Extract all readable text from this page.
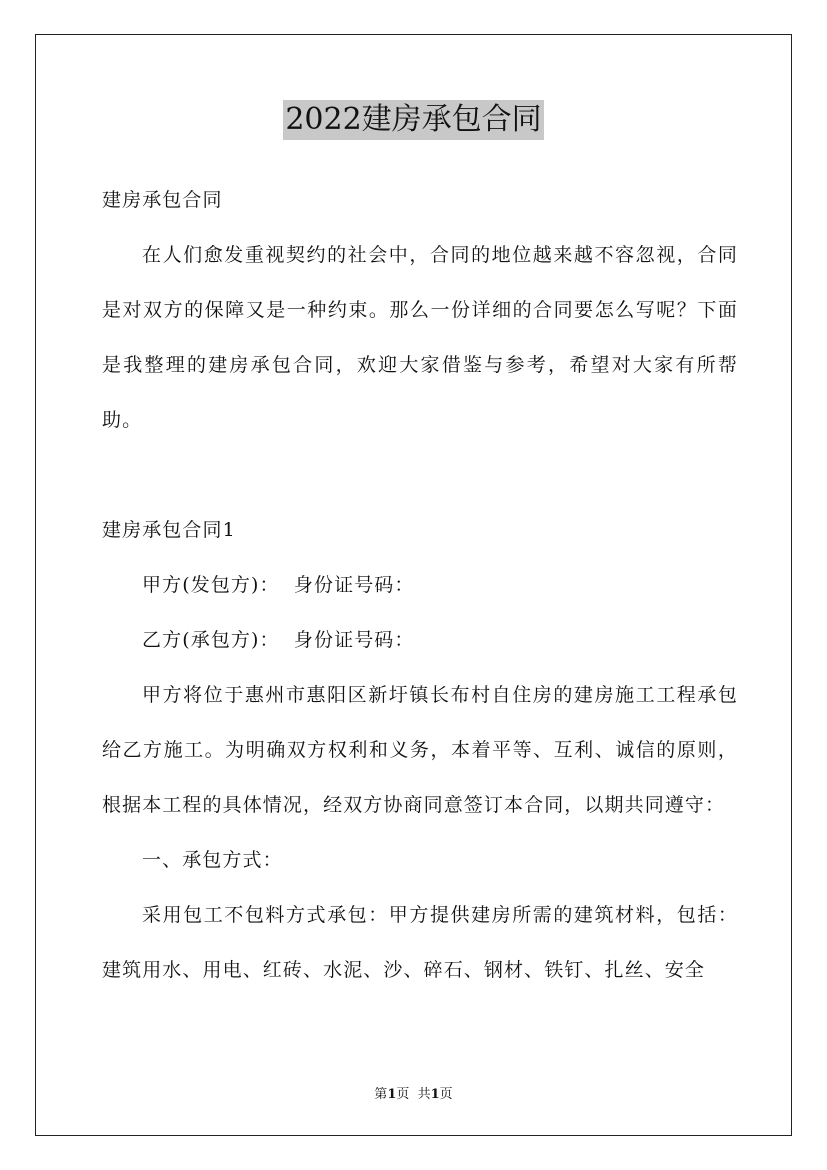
2022建房承包合同

建房承包合同

在人们愈发重视契约的社会中，合同的地位越来越不容忽视，合同是对双方的保障又是一种约束。那么一份详细的合同要怎么写呢？下面是我整理的建房承包合同，欢迎大家借鉴与参考，希望对大家有所帮助。

建房承包合同1

甲方(发包方)：  身份证号码：

乙方(承包方)：  身份证号码：

甲方将位于惠州市惠阳区新圩镇长布村自住房的建房施工工程承包给乙方施工。为明确双方权利和义务，本着平等、互利、诚信的原则，根据本工程的具体情况，经双方协商同意签订本合同，以期共同遵守：

一、承包方式：

采用包工不包料方式承包：甲方提供建房所需的建筑材料，包括：建筑用水、用电、红砖、水泥、沙、碎石、钢材、铁钉、扎丝、安全

第1页  共1页
